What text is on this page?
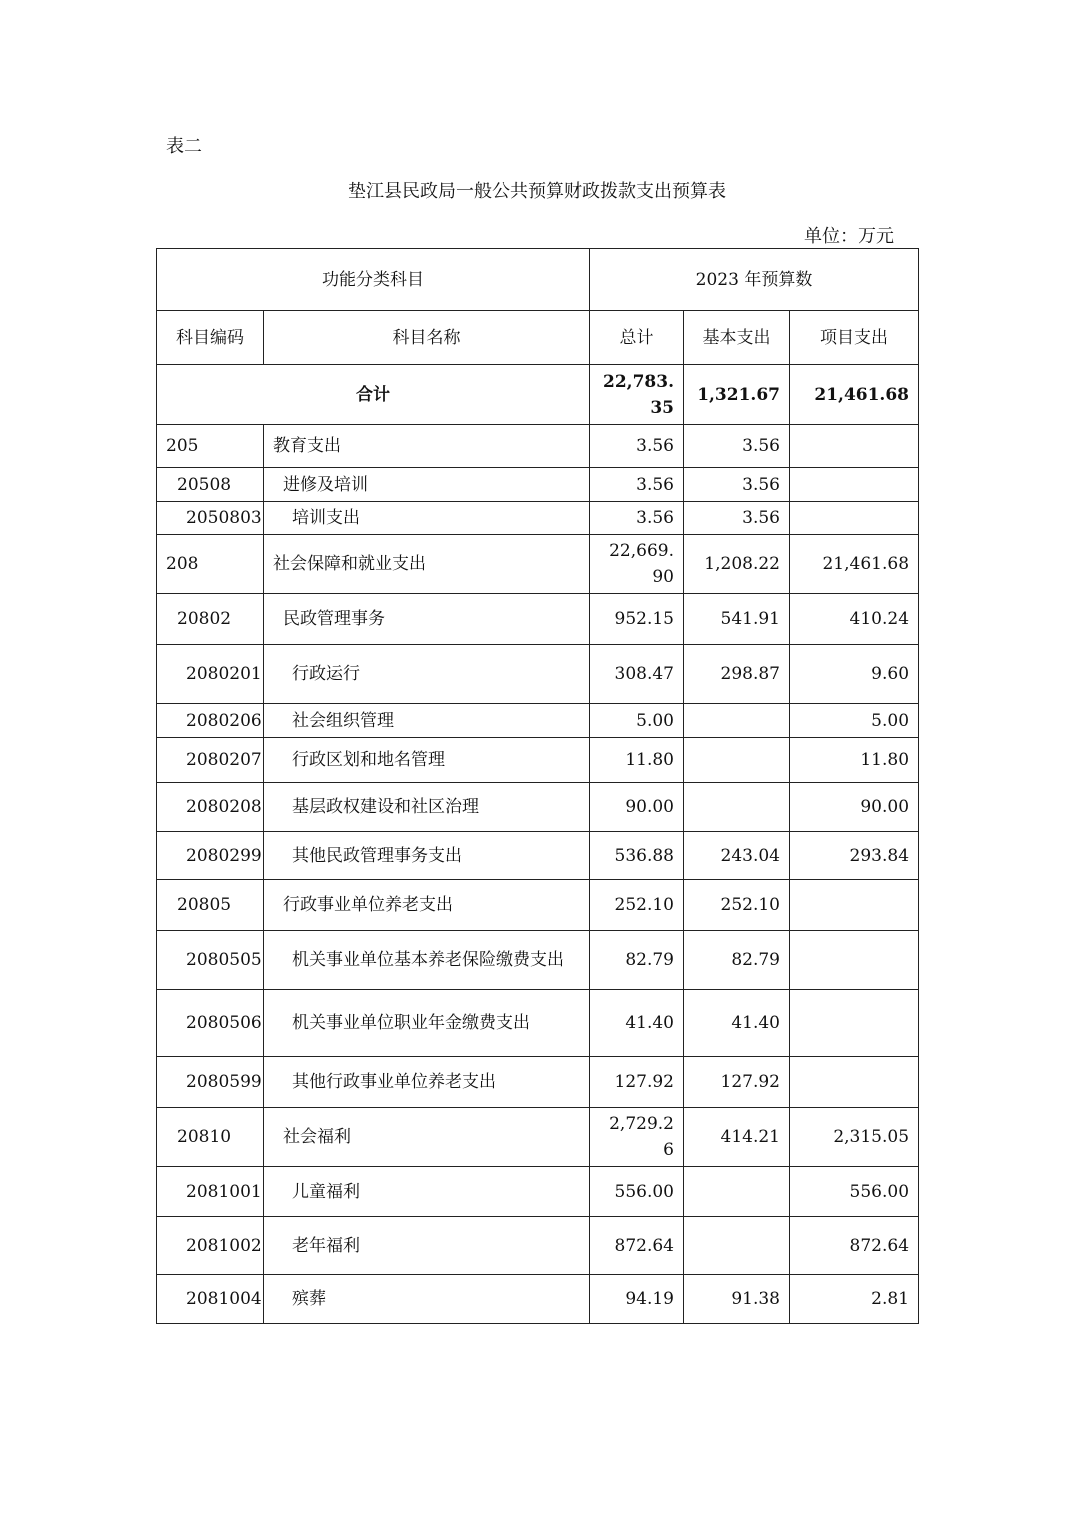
表二
垫江县民政局一般公共预算财政拨款支出预算表
单位：万元
功能分类科目		2023 年预算数		
科目编码	科目名称	总计	基本支出	项目支出
合计		22,783.35	1,321.67	21,461.68
205	教育支出	3.56	3.56	
20508	进修及培训	3.56	3.56	
2050803	培训支出	3.56	3.56	
208	社会保障和就业支出	22,669.90	1,208.22	21,461.68
20802	民政管理事务	952.15	541.91	410.24
2080201	行政运行	308.47	298.87	9.60
2080206	社会组织管理	5.00		5.00
2080207	行政区划和地名管理	11.80		11.80
2080208	基层政权建设和社区治理	90.00		90.00
2080299	其他民政管理事务支出	536.88	243.04	293.84
20805	行政事业单位养老支出	252.10	252.10	
2080505	机关事业单位基本养老保险缴费支出	82.79	82.79	
2080506	机关事业单位职业年金缴费支出	41.40	41.40	
2080599	其他行政事业单位养老支出	127.92	127.92	
20810	社会福利	2,729.26	414.21	2,315.05
2081001	儿童福利	556.00		556.00
2081002	老年福利	872.64		872.64
2081004	殡葬	94.19	91.38	2.81
